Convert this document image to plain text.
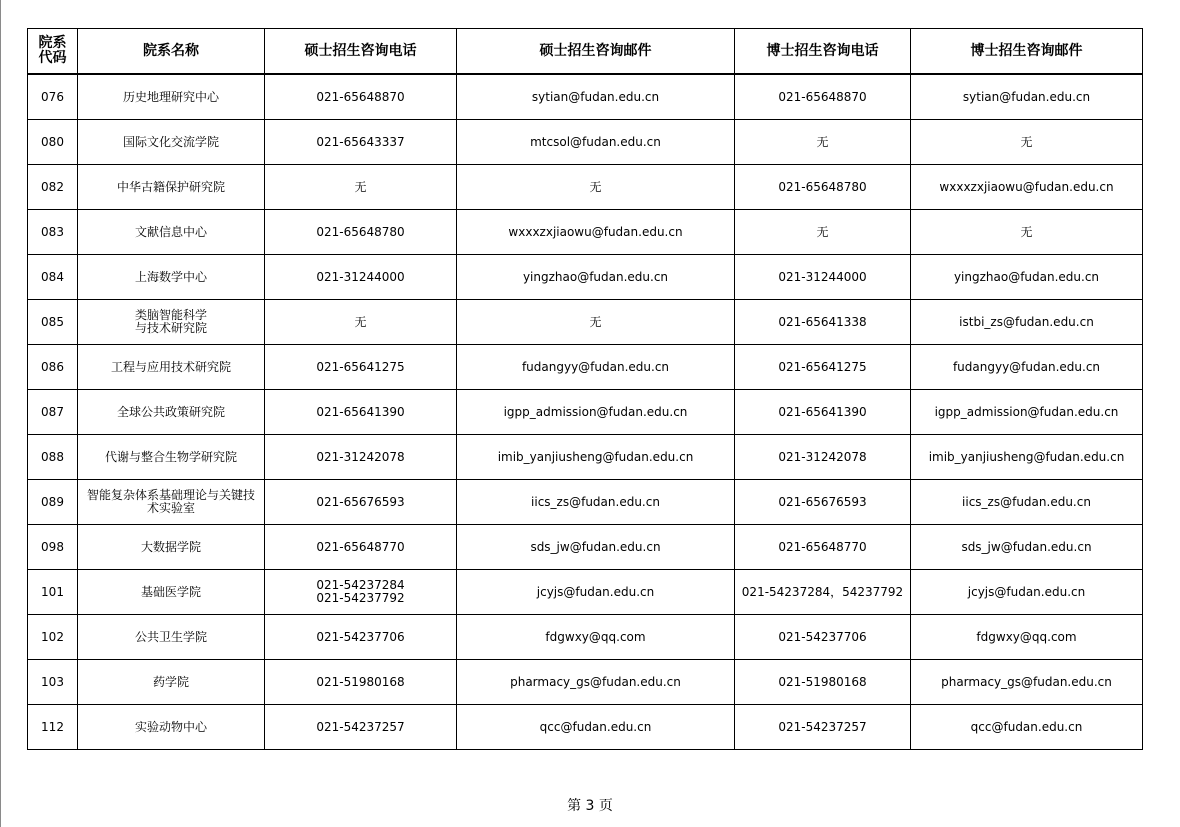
院系
代码	院系名称	硕士招生咨询电话	硕士招生咨询邮件	博士招生咨询电话	博士招生咨询邮件
076	历史地理研究中心	021-65648870	sytian@fudan.edu.cn	021-65648870	sytian@fudan.edu.cn
080	国际文化交流学院	021-65643337	mtcsol@fudan.edu.cn	无	无
082	中华古籍保护研究院	无	无	021-65648780	wxxxzxjiaowu@fudan.edu.cn
083	文献信息中心	021-65648780	wxxxzxjiaowu@fudan.edu.cn	无	无
084	上海数学中心	021-31244000	yingzhao@fudan.edu.cn	021-31244000	yingzhao@fudan.edu.cn
085	类脑智能科学
与技术研究院	无	无	021-65641338	istbi_zs@fudan.edu.cn
086	工程与应用技术研究院	021-65641275	fudangyy@fudan.edu.cn	021-65641275	fudangyy@fudan.edu.cn
087	全球公共政策研究院	021-65641390	igpp_admission@fudan.edu.cn	021-65641390	igpp_admission@fudan.edu.cn
088	代谢与整合生物学研究院	021-31242078	imib_yanjiusheng@fudan.edu.cn	021-31242078	imib_yanjiusheng@fudan.edu.cn
089	智能复杂体系基础理论与关键技
术实验室	021-65676593	iics_zs@fudan.edu.cn	021-65676593	iics_zs@fudan.edu.cn
098	大数据学院	021-65648770	sds_jw@fudan.edu.cn	021-65648770	sds_jw@fudan.edu.cn
101	基础医学院	021-54237284
021-54237792	jcyjs@fudan.edu.cn	021-54237284，54237792	jcyjs@fudan.edu.cn
102	公共卫生学院	021-54237706	fdgwxy@qq.com	021-54237706	fdgwxy@qq.com
103	药学院	021-51980168	pharmacy_gs@fudan.edu.cn	021-51980168	pharmacy_gs@fudan.edu.cn
112	实验动物中心	021-54237257	qcc@fudan.edu.cn	021-54237257	qcc@fudan.edu.cn
第 3 页
